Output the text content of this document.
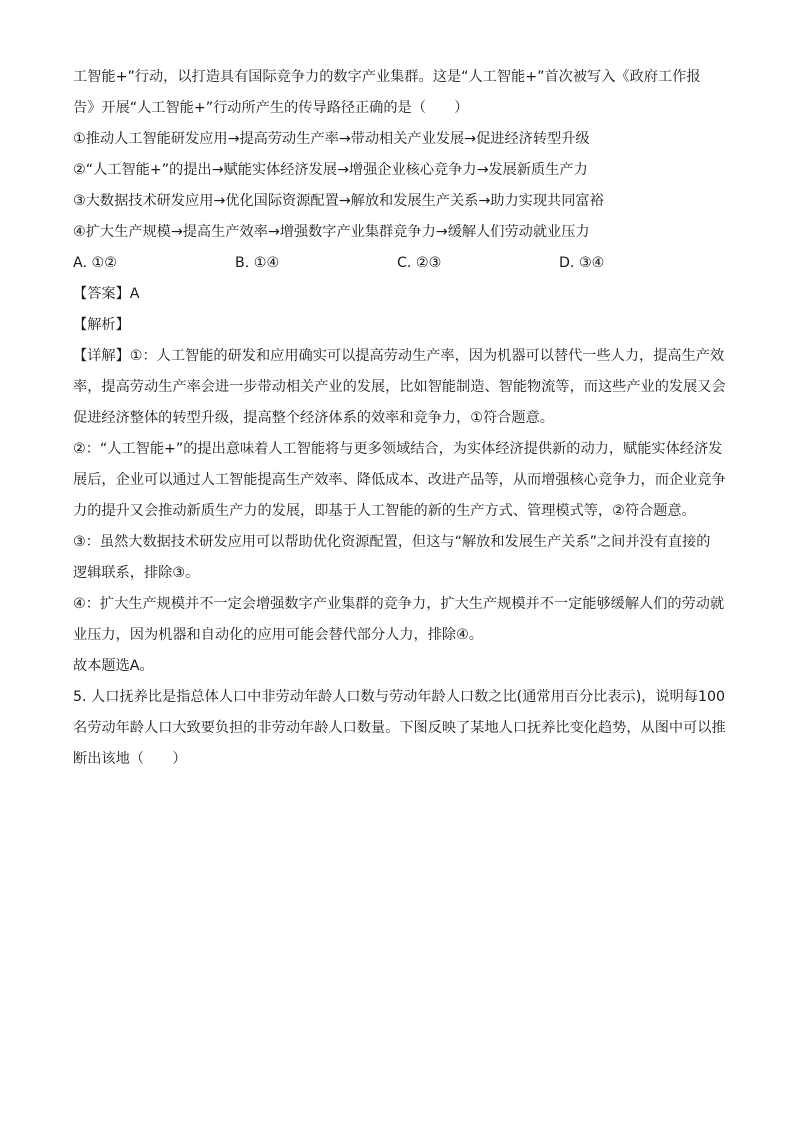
工智能+”行动，以打造具有国际竞争力的数字产业集群。这是“人工智能+”首次被写入《政府工作报
告》开展“人工智能+”行动所产生的传导路径正确的是（　　）
①推动人工智能研发应用→提高劳动生产率→带动相关产业发展→促进经济转型升级
②“人工智能+”的提出→赋能实体经济发展→增强企业核心竞争力→发展新质生产力
③大数据技术研发应用→优化国际资源配置→解放和发展生产关系→助力实现共同富裕
④扩大生产规模→提高生产效率→增强数字产业集群竞争力→缓解人们劳动就业压力
A. ①②	B. ①④	C. ②③	D. ③④
【答案】A
【解析】
【详解】①：人工智能的研发和应用确实可以提高劳动生产率，因为机器可以替代一些人力，提高生产效
率，提高劳动生产率会进一步带动相关产业的发展，比如智能制造、智能物流等，而这些产业的发展又会
促进经济整体的转型升级，提高整个经济体系的效率和竞争力，①符合题意。
②：“人工智能+”的提出意味着人工智能将与更多领域结合，为实体经济提供新的动力，赋能实体经济发
展后，企业可以通过人工智能提高生产效率、降低成本、改进产品等，从而增强核心竞争力，而企业竞争
力的提升又会推动新质生产力的发展，即基于人工智能的新的生产方式、管理模式等，②符合题意。
③：虽然大数据技术研发应用可以帮助优化资源配置，但这与“解放和发展生产关系”之间并没有直接的
逻辑联系，排除③。
④：扩大生产规模并不一定会增强数字产业集群的竞争力，扩大生产规模并不一定能够缓解人们的劳动就
业压力，因为机器和自动化的应用可能会替代部分人力，排除④。
故本题选A。
5. 人口抚养比是指总体人口中非劳动年龄人口数与劳动年龄人口数之比(通常用百分比表示)，说明每100
名劳动年龄人口大致要负担的非劳动年龄人口数量。下图反映了某地人口抚养比变化趋势，从图中可以推
断出该地（　　）
